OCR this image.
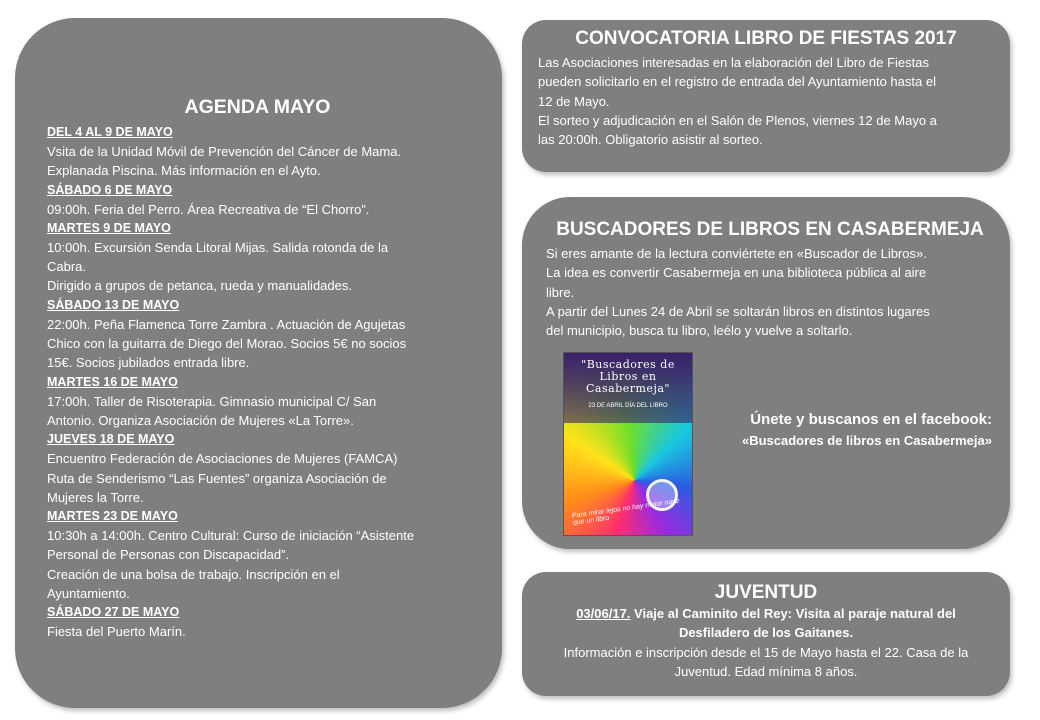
AGENDA MAYO
DEL 4 AL 9 DE MAYO
Vsita de la Unidad Móvil de Prevención del Cáncer de Mama.
Explanada Piscina. Más información en el Ayto.
SÁBADO 6 DE MAYO
09:00h. Feria del Perro. Área Recreativa de “El Chorro”.
MARTES 9 DE MAYO
10:00h. Excursión Senda Litoral Mijas. Salida rotonda de la
Cabra.
Dirigido a grupos de petanca, rueda y manualidades.
SÁBADO 13 DE MAYO
22:00h. Peña Flamenca Torre Zambra . Actuación de Agujetas
Chico con la guitarra de Diego del Morao. Socios 5€ no socios
15€. Socios jubilados entrada libre.
MARTES 16 DE MAYO
17:00h. Taller de Risoterapia. Gimnasio municipal C/ San
Antonio. Organiza Asociación de Mujeres «La Torre».
JUEVES 18 DE MAYO
Encuentro Federación de Asociaciones de Mujeres (FAMCA)
Ruta de Senderismo “Las Fuentes” organiza Asociación de
Mujeres la Torre.
MARTES 23 DE MAYO
10:30h a 14:00h. Centro Cultural: Curso de iniciación “Asistente
Personal de Personas con Discapacidad”.
Creación de una bolsa de trabajo. Inscripción en el
Ayuntamiento.
SÁBADO 27 DE MAYO
Fiesta del Puerto Marín.
CONVOCATORIA LIBRO DE FIESTAS 2017
Las Asociaciones interesadas en la elaboración del Libro de Fiestas
pueden solicitarlo en el registro de entrada del Ayuntamiento hasta el
12 de Mayo.
El sorteo y adjudicación en el Salón de Plenos, viernes 12 de Mayo a
las 20:00h. Obligatorio asistir al sorteo.
BUSCADORES DE LIBROS EN CASABERMEJA
Si eres amante de la lectura conviértete en «Buscador de Libros».
La idea es convertir Casabermeja en una biblioteca pública al aire
libre.
A partir del Lunes 24 de Abril se soltarán libros en distintos lugares
del municipio, busca tu libro, leélo y vuelve a soltarlo.
"Buscadores de Libros en Casabermeja"
23 DE ABRIL DÍA DEL LIBRO
Para mirar lejos no hay mejor nave que un libro
Únete y buscanos en el facebook:
«Buscadores de libros en Casabermeja»
JUVENTUD
03/06/17. Viaje al Caminito del Rey: Visita al paraje natural del
Desfiladero de los Gaitanes.
Información e inscripción desde el 15 de Mayo hasta el 22. Casa de la
Juventud. Edad mínima 8 años.
